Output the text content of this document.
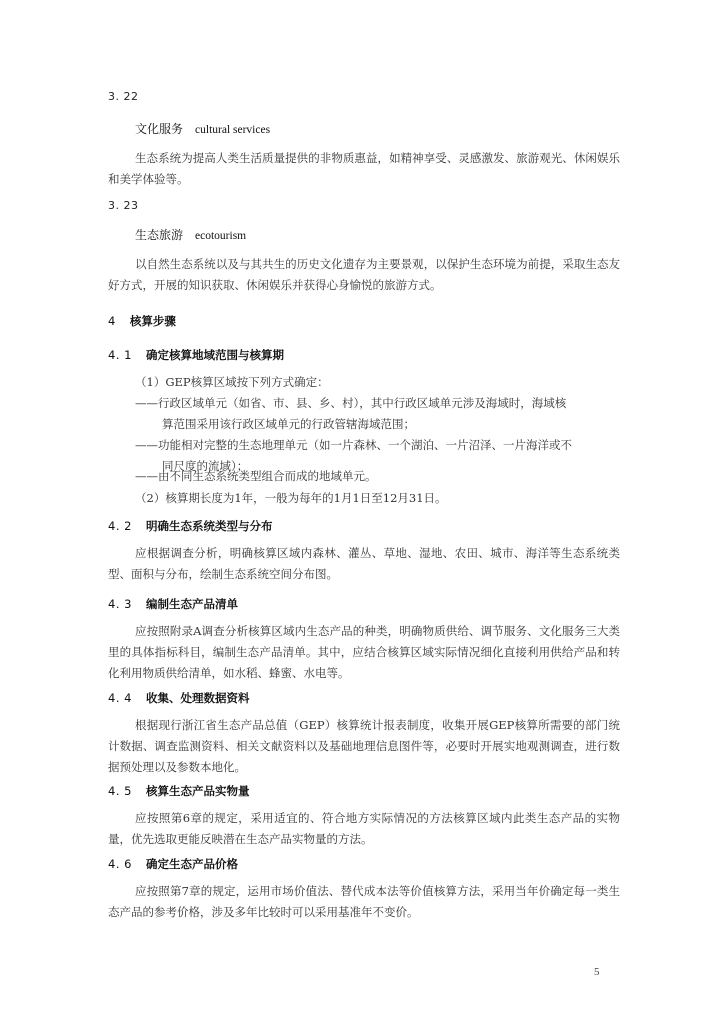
3. 22
文化服务 cultural services

生态系统为提高人类生活质量提供的非物质惠益，如精神享受、灵感激发、旅游观光、休闲娱乐和美学体验等。

3. 23
生态旅游 ecotourism

以自然生态系统以及与其共生的历史文化遗存为主要景观，以保护生态环境为前提，采取生态友好方式，开展的知识获取、休闲娱乐并获得心身愉悦的旅游方式。

4 核算步骤
4. 1 确定核算地域范围与核算期
（1）GEP核算区域按下列方式确定：
——行政区域单元（如省、市、县、乡、村），其中行政区域单元涉及海域时，海域核
算范围采用该行政区域单元的行政管辖海域范围；
——功能相对完整的生态地理单元（如一片森林、一个湖泊、一片沼泽、一片海洋或不
同尺度的流域）；
——由不同生态系统类型组合而成的地域单元。
（2）核算期长度为1年，一般为每年的1月1日至12月31日。
4. 2 明确生态系统类型与分布

应根据调查分析，明确核算区域内森林、灌丛、草地、湿地、农田、城市、海洋等生态系统类型、面积与分布，绘制生态系统空间分布图。

4. 3 编制生态产品清单

应按照附录A调查分析核算区域内生态产品的种类，明确物质供给、调节服务、文化服务三大类里的具体指标科目，编制生态产品清单。其中，应结合核算区域实际情况细化直接利用供给产品和转化利用物质供给清单，如水稻、蜂蜜、水电等。

4. 4 收集、处理数据资料

根据现行浙江省生态产品总值（GEP）核算统计报表制度，收集开展GEP核算所需要的部门统计数据、调查监测资料、相关文献资料以及基础地理信息图件等，必要时开展实地观测调查，进行数据预处理以及参数本地化。

4. 5 核算生态产品实物量

应按照第6章的规定，采用适宜的、符合地方实际情况的方法核算区域内此类生态产品的实物量，优先选取更能反映潜在生态产品实物量的方法。

4. 6 确定生态产品价格

应按照第7章的规定，运用市场价值法、替代成本法等价值核算方法，采用当年价确定每一类生态产品的参考价格，涉及多年比较时可以采用基准年不变价。

5
